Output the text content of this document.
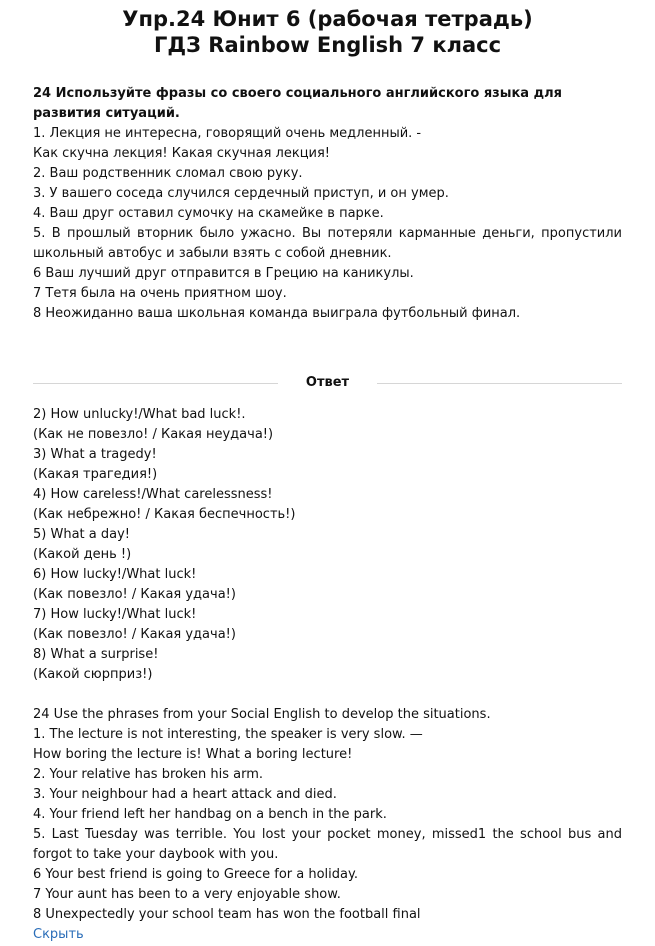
Упр.24 Юнит 6 (рабочая тетрадь)
ГДЗ Rainbow English 7 класс
24 Используйте фразы со своего социального английского языка для развития ситуаций.
1. Лекция не интересна, говорящий очень медленный. -
Как скучна лекция! Какая скучная лекция!
2. Ваш родственник сломал свою руку.
3. У вашего соседа случился сердечный приступ, и он умер.
4. Ваш друг оставил сумочку на скамейке в парке.
5. В прошлый вторник было ужасно. Вы потеряли карманные деньги, пропустили школьный автобус и забыли взять с собой дневник.
6 Ваш лучший друг отправится в Грецию на каникулы.
7 Тетя была на очень приятном шоу.
8 Неожиданно ваша школьная команда выиграла футбольный финал.
Ответ
2) How unlucky!/What bad luck!.
(Как не повезло! / Какая неудача!)
3) What a tragedy!
(Какая трагедия!)
4) How careless!/What carelessness!
(Как небрежно! / Какая беспечность!)
5) What a day!
(Какой день !)
6) How lucky!/What luck!
(Как повезло! / Какая удача!)
7) How lucky!/What luck!
(Как повезло! / Какая удача!)
8) What a surprise!
(Какой сюрприз!)
24 Use the phrases from your Social English to develop the situations.
1. The lecture is not interesting, the speaker is very slow. —
How boring the lecture is! What a boring lecture!
2. Your relative has broken his arm.
3. Your neighbour had a heart attack and died.
4. Your friend left her handbag on a bench in the park.
5. Last Tuesday was terrible. You lost your pocket money, missed1 the school bus and forgot to take your daybook with you.
6 Your best friend is going to Greece for a holiday.
7 Your aunt has been to a very enjoyable show.
8 Unexpectedly your school team has won the football final
Скрыть
